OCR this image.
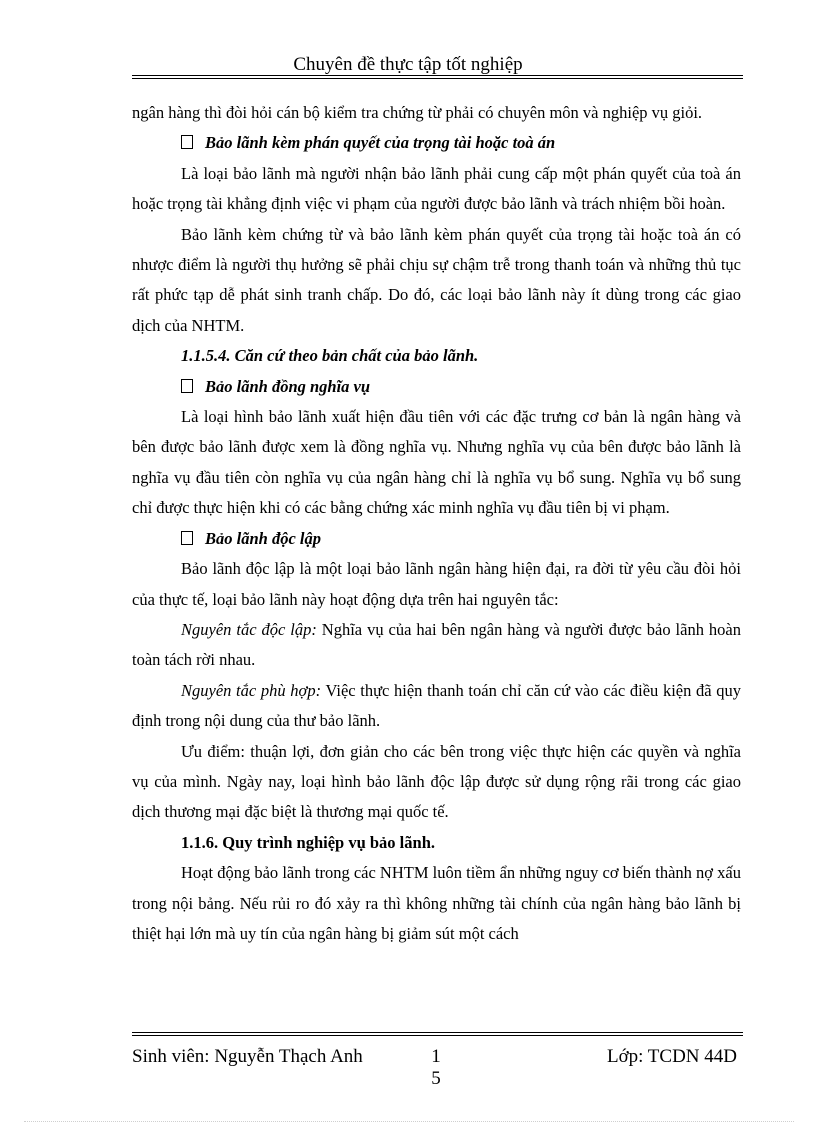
Chuyên đề thực tập tốt nghiệp

ngân hàng thì đòi hỏi cán bộ kiểm tra chứng từ phải có chuyên môn và nghiệp vụ giỏi.

Bảo lãnh kèm phán quyết của trọng tài hoặc toà án

Là loại bảo lãnh mà người nhận bảo lãnh phải cung cấp một phán quyết của toà án hoặc trọng tài khẳng định việc vi phạm của người được bảo lãnh và trách nhiệm bồi hoàn.

Bảo lãnh kèm chứng từ và bảo lãnh kèm phán quyết của trọng tài hoặc toà án có nhược điểm là người thụ hưởng sẽ phải chịu sự chậm trễ trong thanh toán và những thủ tục rất phức tạp dễ phát sinh tranh chấp. Do đó, các loại bảo lãnh này ít dùng trong các giao dịch của NHTM.

1.1.5.4. Căn cứ theo bản chất của bảo lãnh.

Bảo lãnh đồng nghĩa vụ

Là loại hình bảo lãnh xuất hiện đầu tiên với các đặc trưng cơ bản là ngân hàng và bên được bảo lãnh được xem là đồng nghĩa vụ. Nhưng nghĩa vụ của bên được bảo lãnh là nghĩa vụ đầu tiên còn nghĩa vụ của ngân hàng chỉ là nghĩa vụ bổ sung. Nghĩa vụ bổ sung chỉ được thực hiện khi có các bằng chứng xác minh nghĩa vụ đầu tiên bị vi phạm.

Bảo lãnh độc lập

Bảo lãnh độc lập là một loại bảo lãnh ngân hàng hiện đại, ra đời từ yêu cầu đòi hỏi của thực tế, loại bảo lãnh này hoạt động dựa trên hai nguyên tắc:

Nguyên tắc độc lập: Nghĩa vụ của hai bên ngân hàng và người được bảo lãnh hoàn toàn tách rời nhau.

Nguyên tắc phù hợp: Việc thực hiện thanh toán chỉ căn cứ vào các điều kiện đã quy định trong nội dung của thư bảo lãnh.

Ưu điểm: thuận lợi, đơn giản cho các bên trong việc thực hiện các quyền và nghĩa vụ của mình. Ngày nay, loại hình bảo lãnh độc lập được sử dụng rộng rãi trong các giao dịch thương mại đặc biệt là thương mại quốc tế.

1.1.6. Quy trình nghiệp vụ bảo lãnh.

Hoạt động bảo lãnh trong các NHTM luôn tiềm ẩn những nguy cơ biến thành nợ xấu trong nội bảng. Nếu rủi ro đó xảy ra thì không những tài chính của ngân hàng bảo lãnh bị thiệt hại lớn mà uy tín của ngân hàng bị giảm sút một cách

Sinh viên: Nguyễn Thạch Anh	1
5
Lớp: TCDN 44D
